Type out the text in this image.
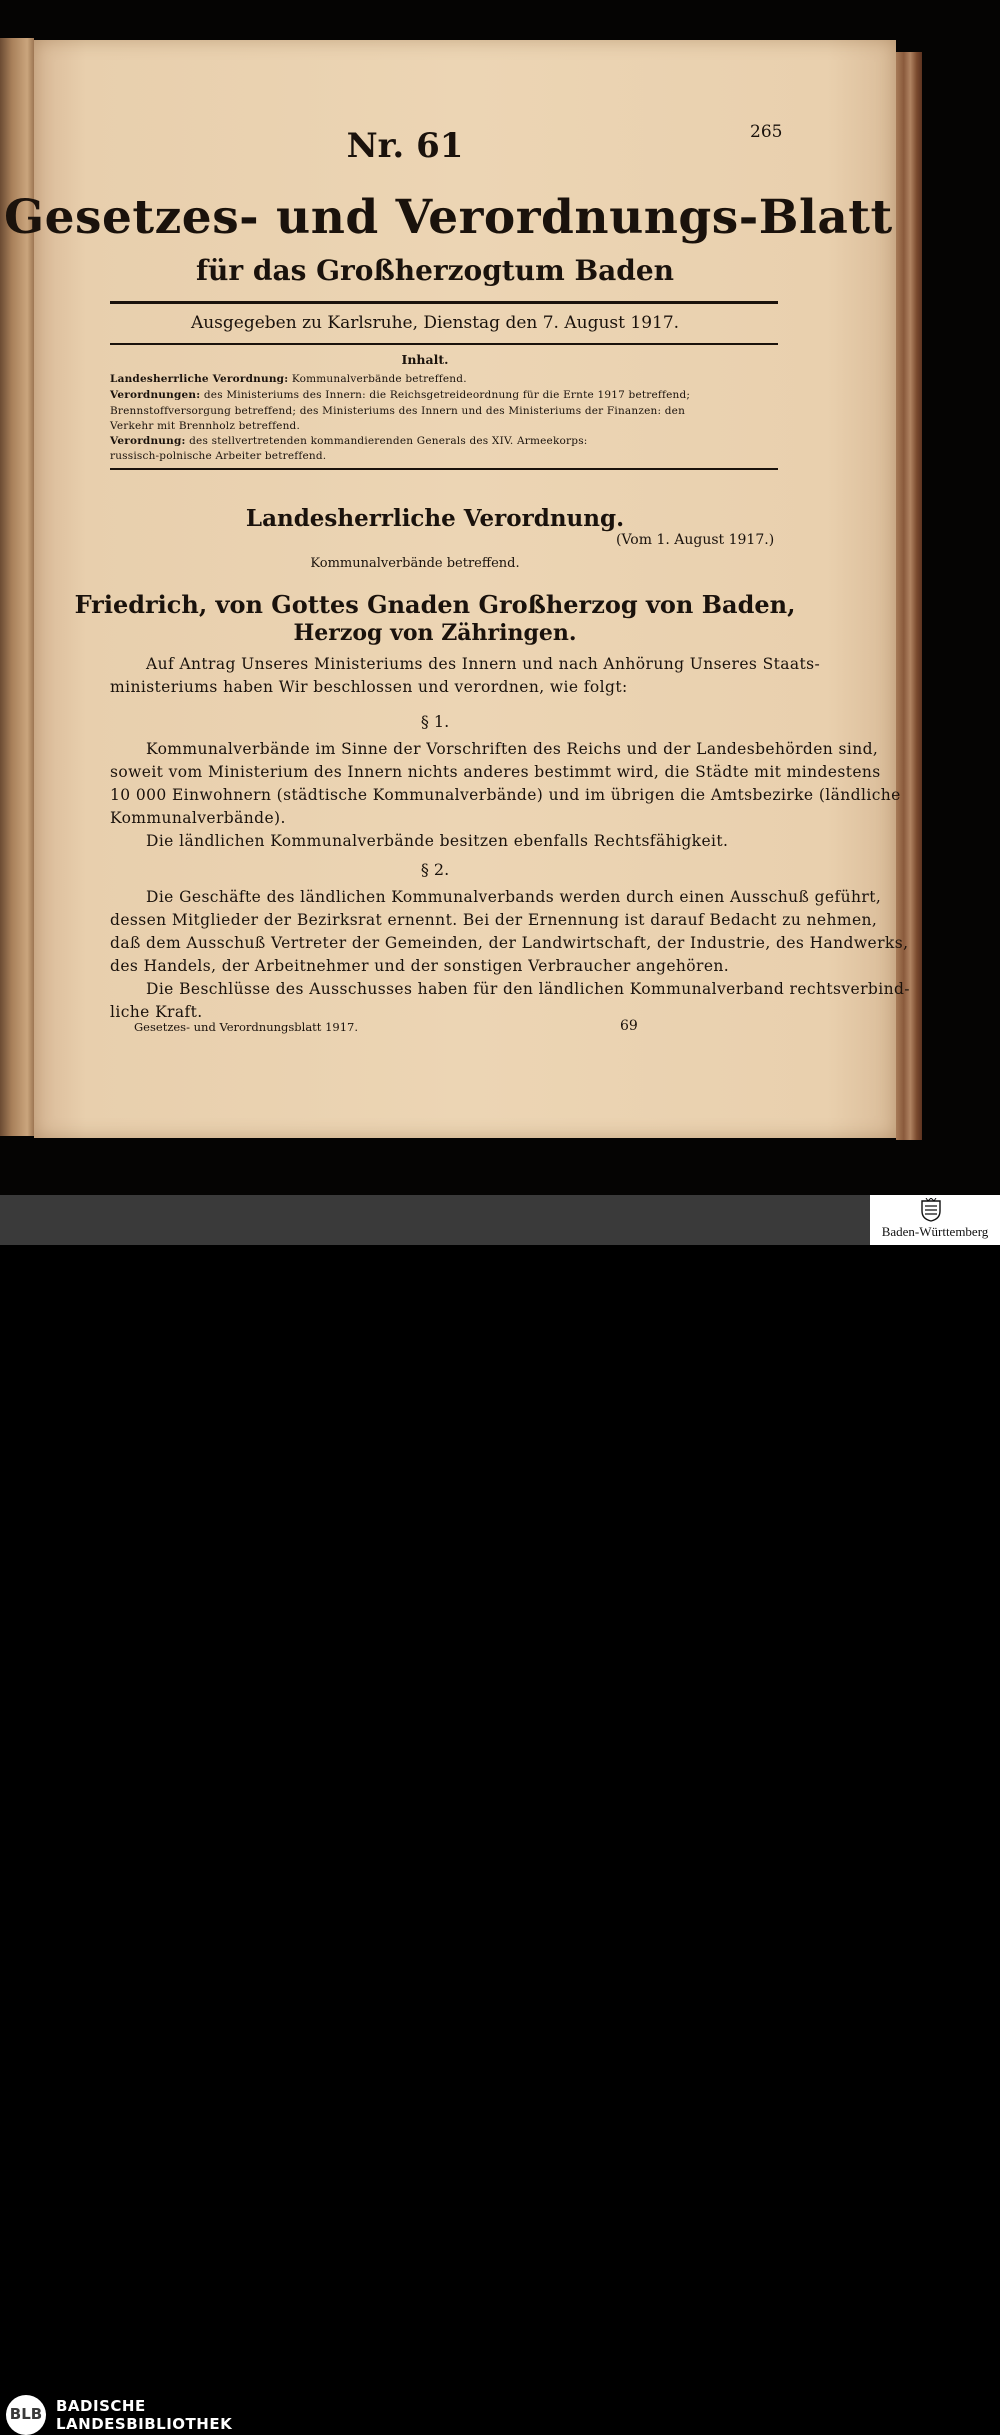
265
Nr. 61
Gesetzes- und Verordnungs-Blatt
für das Großherzogtum Baden
Ausgegeben zu Karlsruhe, Dienstag den 7. August 1917.
Inhalt.
Landesherrliche Verordnung: Kommunalverbände betreffend.
Verordnungen: des Ministeriums des Innern: die Reichsgetreideordnung für die Ernte 1917 betreffend;
Brennstoffversorgung betreffend; des Ministeriums des Innern und des Ministeriums der Finanzen: den
Verkehr mit Brennholz betreffend.
Verordnung: des stellvertretenden kommandierenden Generals des XIV. Armeekorps:
russisch-polnische Arbeiter betreffend.
Landesherrliche Verordnung.
(Vom 1. August 1917.)
Kommunalverbände betreffend.
Friedrich, von Gottes Gnaden Großherzog von Baden,
Herzog von Zähringen.
Auf Antrag Unseres Ministeriums des Innern und nach Anhörung Unseres Staats-
ministeriums haben Wir beschlossen und verordnen, wie folgt:
§ 1.
Kommunalverbände im Sinne der Vorschriften des Reichs und der Landesbehörden sind,
soweit vom Ministerium des Innern nichts anderes bestimmt wird, die Städte mit mindestens
10 000 Einwohnern (städtische Kommunalverbände) und im übrigen die Amtsbezirke (ländliche
Kommunalverbände).
Die ländlichen Kommunalverbände besitzen ebenfalls Rechtsfähigkeit.
§ 2.
Die Geschäfte des ländlichen Kommunalverbands werden durch einen Ausschuß geführt,
dessen Mitglieder der Bezirksrat ernennt. Bei der Ernennung ist darauf Bedacht zu nehmen,
daß dem Ausschuß Vertreter der Gemeinden, der Landwirtschaft, der Industrie, des Handwerks,
des Handels, der Arbeitnehmer und der sonstigen Verbraucher angehören.
Die Beschlüsse des Ausschusses haben für den ländlichen Kommunalverband rechtsverbind-
liche Kraft.
Gesetzes- und Verordnungsblatt 1917.	69
BLB BADISCHE
LANDESBIBLIOTHEK
Baden-Württemberg
